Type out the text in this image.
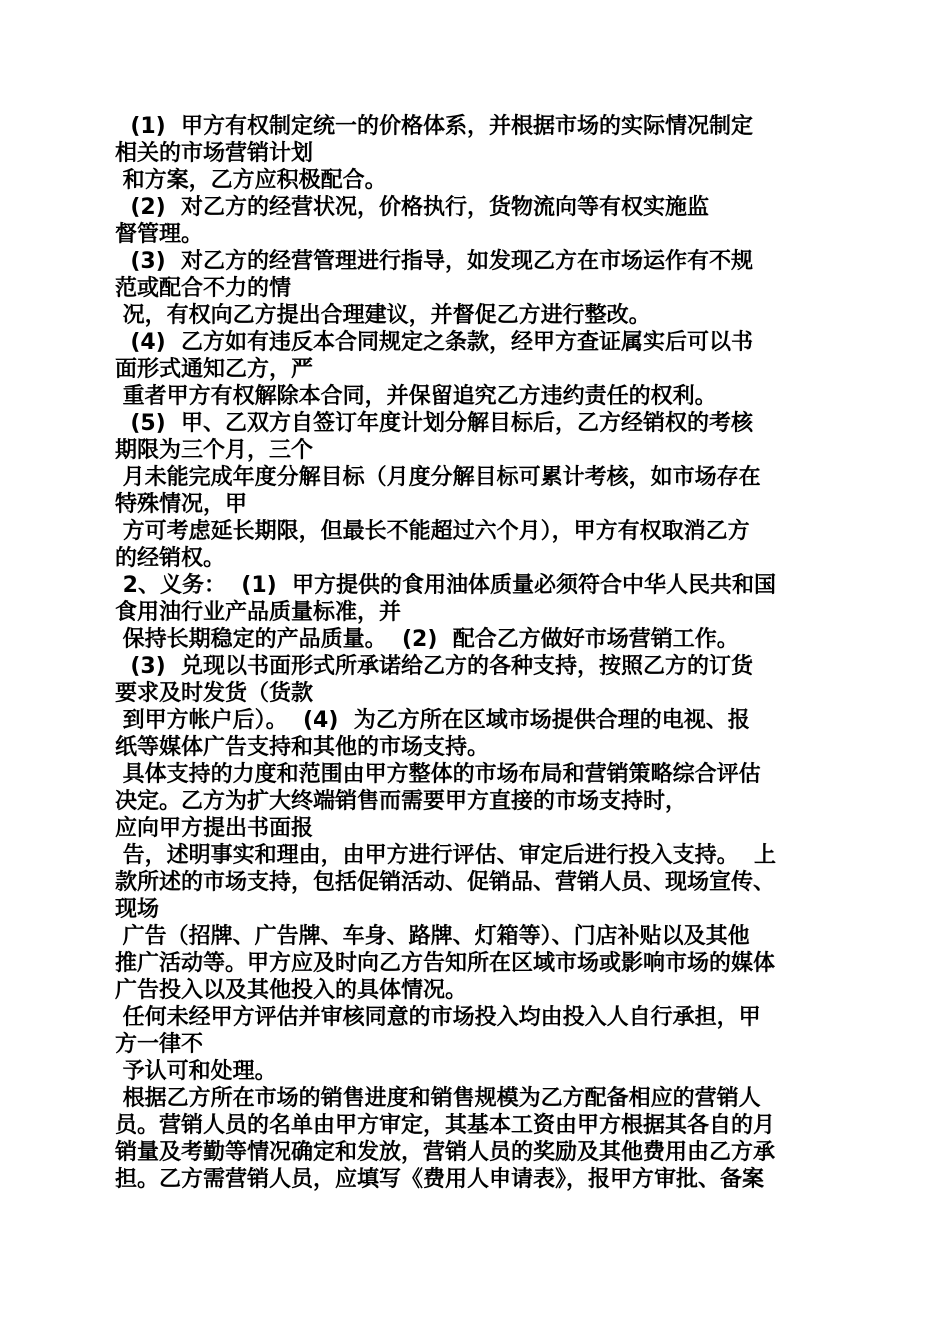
(1)  甲方有权制定统一的价格体系，并根据市场的实际情况制定
相关的市场营销计划
和方案，乙方应积极配合。
(2)  对乙方的经营状况，价格执行，货物流向等有权实施监
督管理。
(3)  对乙方的经营管理进行指导，如发现乙方在市场运作有不规
范或配合不力的情
况，有权向乙方提出合理建议，并督促乙方进行整改。
(4)  乙方如有违反本合同规定之条款，经甲方查证属实后可以书
面形式通知乙方，严
重者甲方有权解除本合同，并保留追究乙方违约责任的权利。
(5)  甲、乙双方自签订年度计划分解目标后，乙方经销权的考核
期限为三个月，三个
月未能完成年度分解目标（月度分解目标可累计考核，如市场存在
特殊情况，甲
方可考虑延长期限，但最长不能超过六个月），甲方有权取消乙方
的经销权。
2、义务：  (1)  甲方提供的食用油体质量必须符合中华人民共和国
食用油行业产品质量标准，并
保持长期稳定的产品质量。  (2)  配合乙方做好市场营销工作。
(3)  兑现以书面形式所承诺给乙方的各种支持，按照乙方的订货
要求及时发货（货款
到甲方帐户后）。  (4)  为乙方所在区域市场提供合理的电视、报
纸等媒体广告支持和其他的市场支持。
具体支持的力度和范围由甲方整体的市场布局和营销策略综合评估
决定。乙方为扩大终端销售而需要甲方直接的市场支持时，
应向甲方提出书面报
告，述明事实和理由，由甲方进行评估、审定后进行投入支持。  上
款所述的市场支持，包括促销活动、促销品、营销人员、现场宣传、
现场
广告（招牌、广告牌、车身、路牌、灯箱等）、门店补贴以及其他
推广活动等。甲方应及时向乙方告知所在区域市场或影响市场的媒体
广告投入以及其他投入的具体情况。
任何未经甲方评估并审核同意的市场投入均由投入人自行承担，甲
方一律不
予认可和处理。
根据乙方所在市场的销售进度和销售规模为乙方配备相应的营销人
员。营销人员的名单由甲方审定，其基本工资由甲方根据其各自的月
销量及考勤等情况确定和发放，营销人员的奖励及其他费用由乙方承
担。乙方需营销人员，应填写《费用人申请表》，报甲方审批、备案
